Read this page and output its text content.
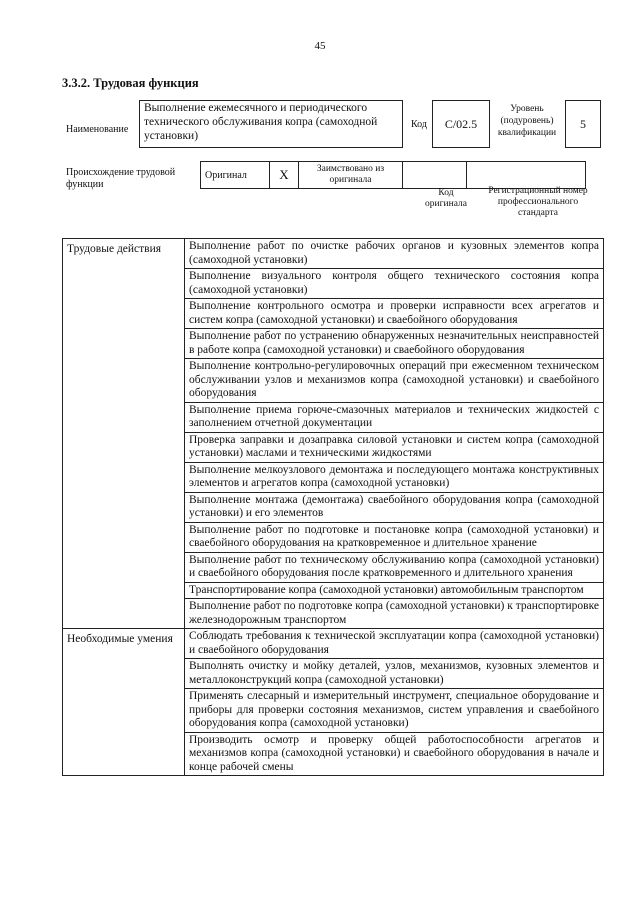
45
3.3.2. Трудовая функция
Наименование
Выполнение ежемесячного и периодического технического обслуживания копра (самоходной установки)
Код	С/02.5
Уровень (подуровень) квалификации
5
Происхождение трудовой функции
Оригинал	X	Заимствовано из оригинала		
Код оригинала
Регистрационный номер профессионального стандарта
Трудовые действия	Выполнение работ по очистке рабочих органов и кузовных элементов копра (самоходной установки)
	Выполнение визуального контроля общего технического состояния копра (самоходной установки)
	Выполнение контрольного осмотра и проверки исправности всех агрегатов и систем копра (самоходной установки) и сваебойного оборудования
	Выполнение работ по устранению обнаруженных незначительных неисправностей в работе копра (самоходной установки) и сваебойного оборудования
	Выполнение контрольно-регулировочных операций при ежесменном техническом обслуживании узлов и механизмов копра (самоходной установки) и сваебойного оборудования
	Выполнение приема горюче-смазочных материалов и технических жидкостей с заполнением отчетной документации
	Проверка заправки и дозаправка силовой установки и систем копра (самоходной установки) маслами и техническими жидкостями
	Выполнение мелкоузлового демонтажа и последующего монтажа конструктивных элементов и агрегатов копра (самоходной установки)
	Выполнение монтажа (демонтажа) сваебойного оборудования копра (самоходной установки) и его элементов
	Выполнение работ по подготовке и постановке копра (самоходной установки) и сваебойного оборудования на кратковременное и длительное хранение
	Выполнение работ по техническому обслуживанию копра (самоходной установки) и сваебойного оборудования после кратковременного и длительного хранения
	Транспортирование копра (самоходной установки) автомобильным транспортом
	Выполнение работ по подготовке копра (самоходной установки) к транспортировке железнодорожным транспортом
Необходимые умения	Соблюдать требования к технической эксплуатации копра (самоходной установки) и сваебойного оборудования
	Выполнять очистку и мойку деталей, узлов, механизмов, кузовных элементов и металлоконструкций копра (самоходной установки)
	Применять слесарный и измерительный инструмент, специальное оборудование и приборы для проверки состояния механизмов, систем управления и сваебойного оборудования копра (самоходной установки)
	Производить осмотр и проверку общей работоспособности агрегатов и механизмов копра (самоходной установки) и сваебойного оборудования в начале и конце рабочей смены
